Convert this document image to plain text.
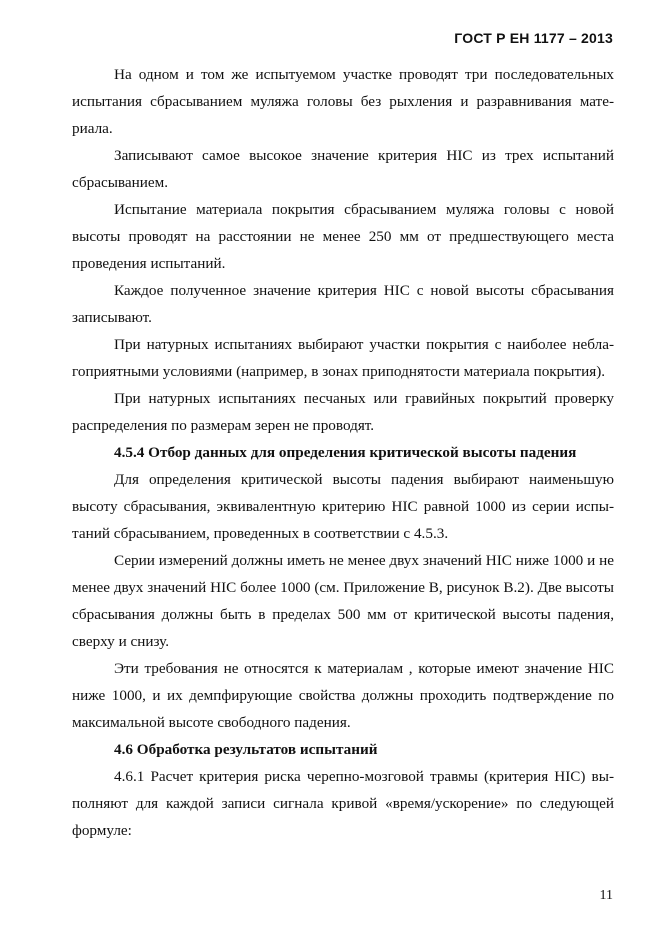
ГОСТ Р ЕН 1177 – 2013

На одном и том же испытуемом участке проводят три последовательных испытания сбрасыванием муляжа головы без рыхления и разравнивания материала.

Записывают самое высокое значение критерия HIC из трех испытаний сбрасыванием.

Испытание материала покрытия сбрасыванием муляжа головы с новой высоты проводят на расстоянии не менее 250 мм от предшествующего места проведения испытаний.

Каждое полученное значение критерия HIC с новой высоты сбрасывания записывают.

При натурных испытаниях выбирают участки покрытия с наиболее неблагоприятными условиями (например, в зонах приподнятости материала покрытия).

При натурных испытаниях песчаных или гравийных покрытий проверку распределения по размерам зерен не проводят.

4.5.4 Отбор данных для определения критической высоты падения

Для определения критической высоты падения выбирают наименьшую высоту сбрасывания, эквивалентную критерию HIC равной 1000 из серии испытаний сбрасыванием, проведенных в соответствии с 4.5.3.

Серии измерений должны иметь не менее двух значений HIC ниже 1000 и не менее двух значений HIC более 1000 (см. Приложение В, рисунок В.2). Две высоты сбрасывания должны быть в пределах 500 мм от критической высоты падения, сверху и снизу.

Эти требования не относятся к материалам , которые имеют значение HIC ниже 1000, и их демпфирующие свойства должны проходить подтверждение по максимальной высоте свободного падения.

4.6 Обработка результатов испытаний

4.6.1 Расчет критерия риска черепно-мозговой травмы (критерия HIC) выполняют для каждой записи сигнала кривой «время/ускорение» по следующей формуле:

11
